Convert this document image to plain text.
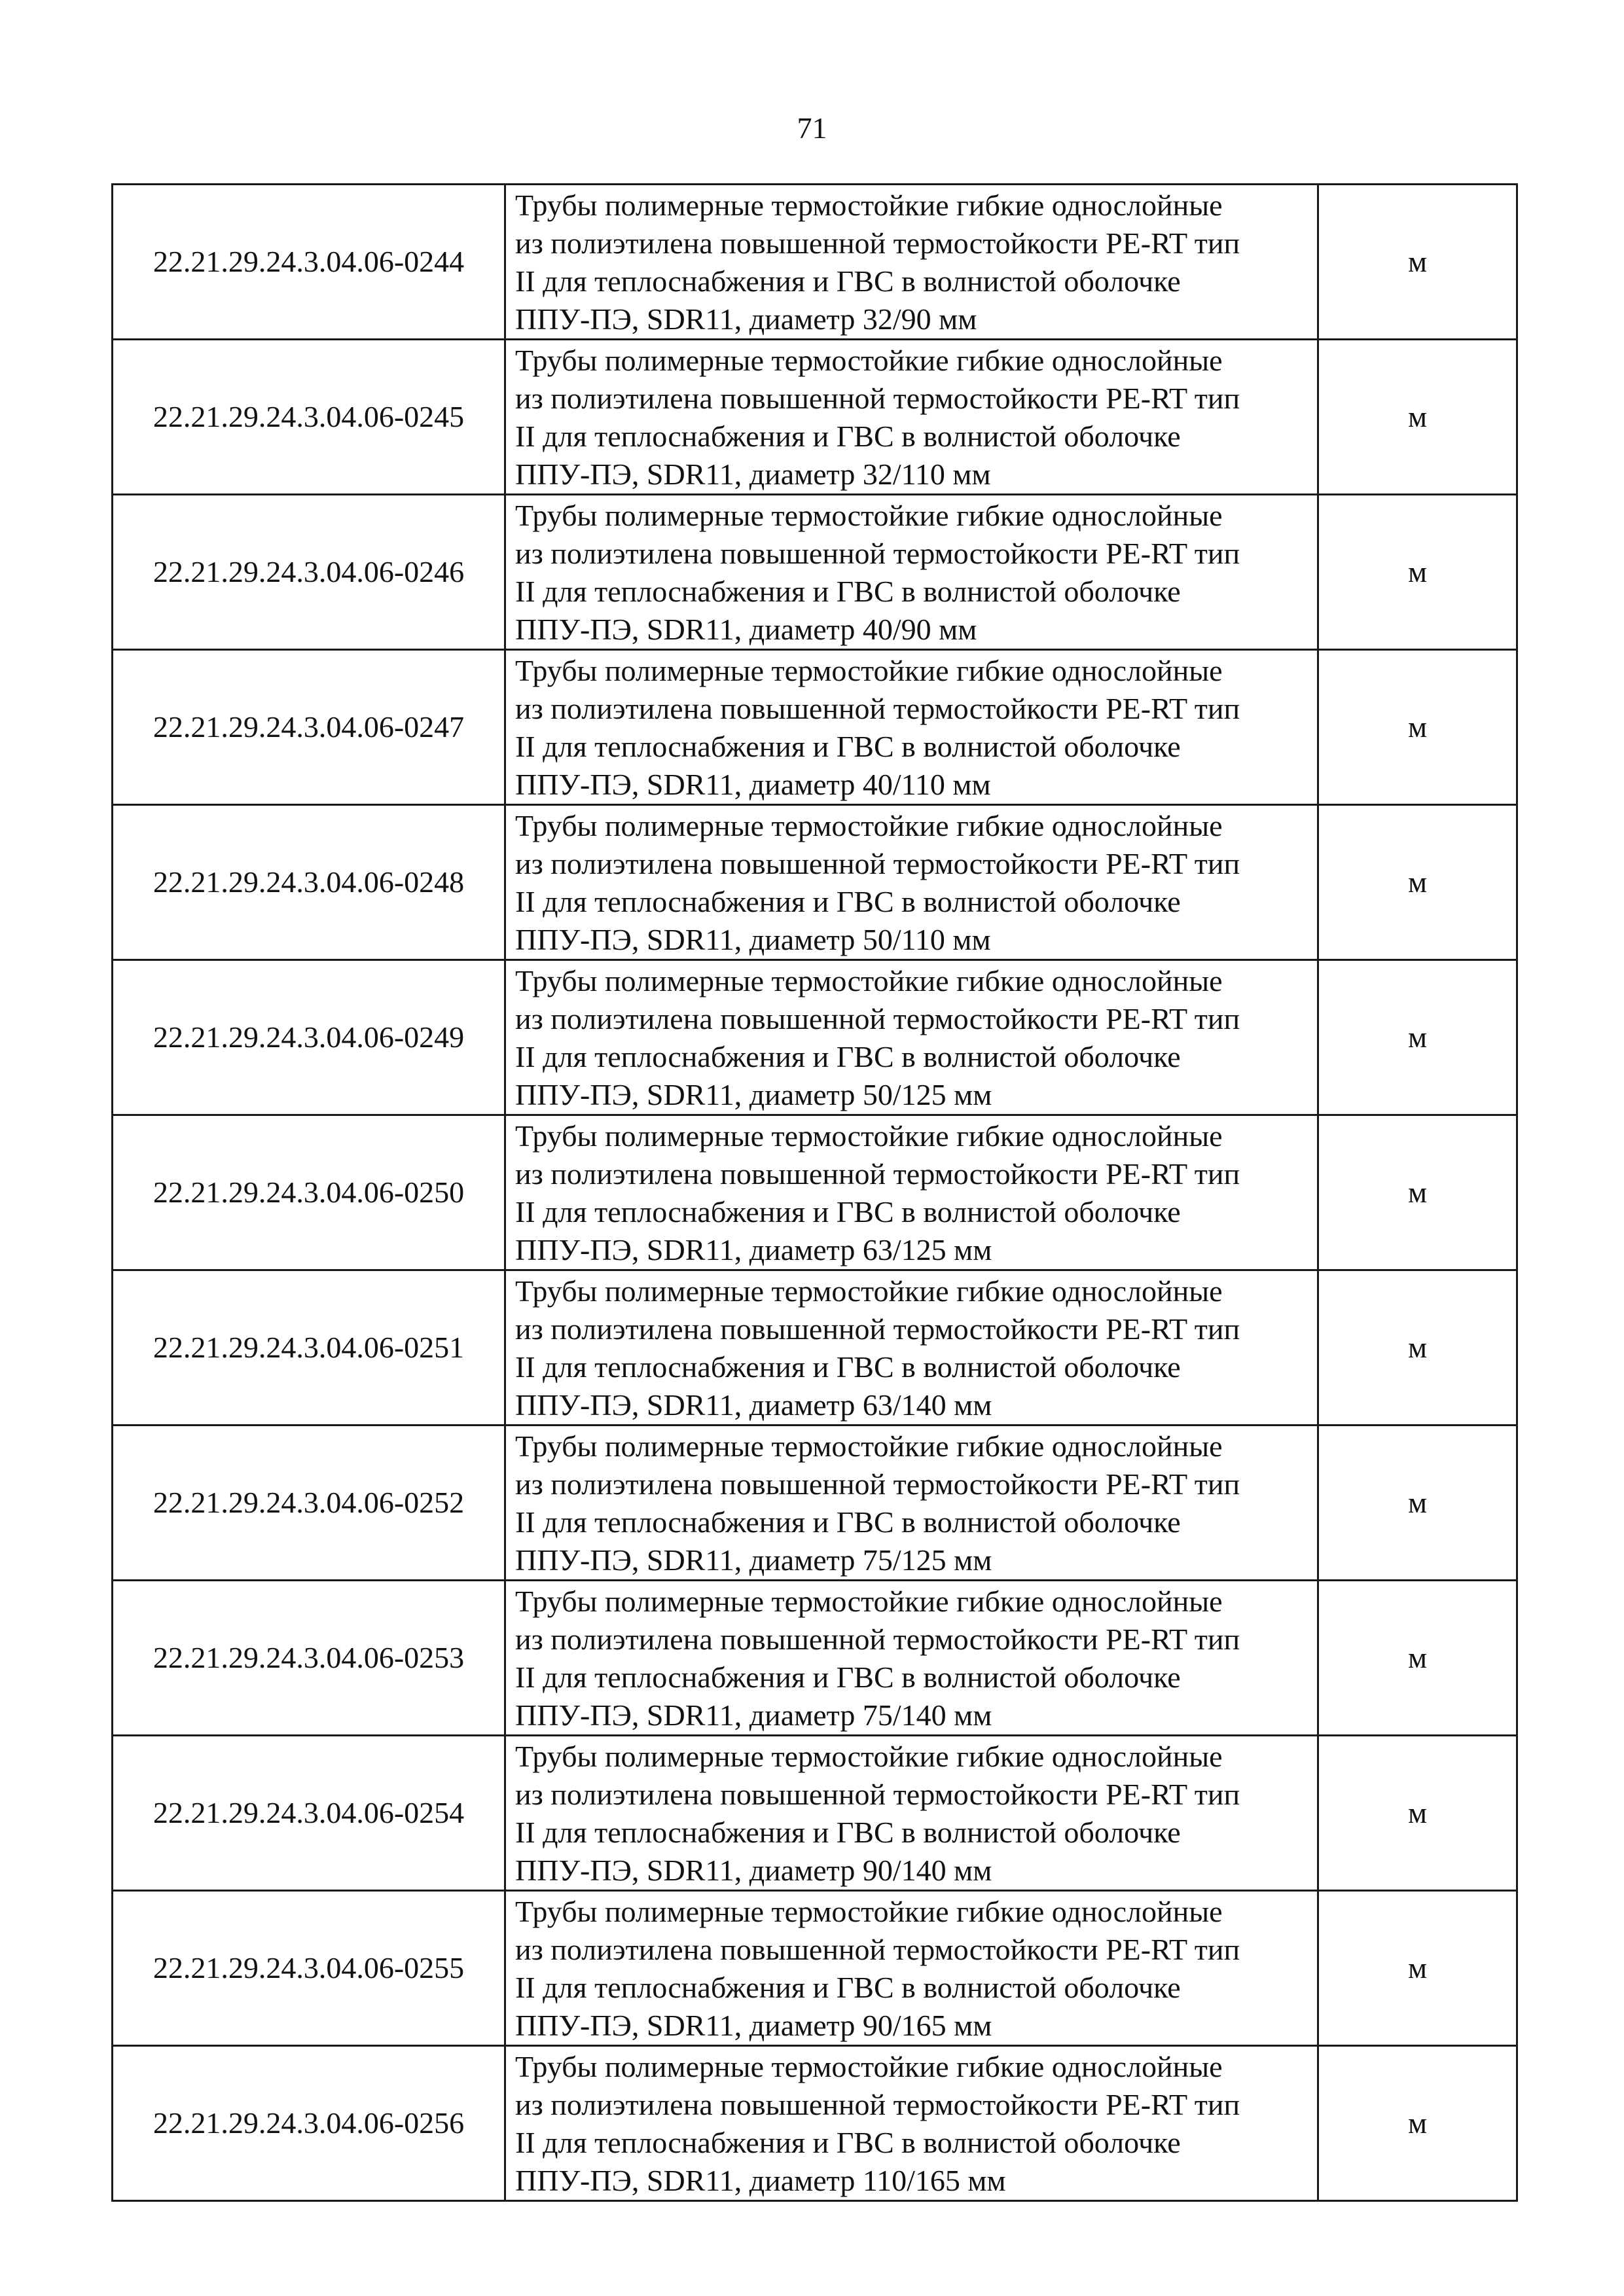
71
22.21.29.24.3.04.06-0244	Трубы полимерные термостойкие гибкие однослойные
из полиэтилена повышенной термостойкости PE-RT тип
II для теплоснабжения и ГВС в волнистой оболочке
ППУ-ПЭ, SDR11, диаметр 32/90 мм	м
22.21.29.24.3.04.06-0245	Трубы полимерные термостойкие гибкие однослойные
из полиэтилена повышенной термостойкости PE-RT тип
II для теплоснабжения и ГВС в волнистой оболочке
ППУ-ПЭ, SDR11, диаметр 32/110 мм	м
22.21.29.24.3.04.06-0246	Трубы полимерные термостойкие гибкие однослойные
из полиэтилена повышенной термостойкости PE-RT тип
II для теплоснабжения и ГВС в волнистой оболочке
ППУ-ПЭ, SDR11, диаметр 40/90 мм	м
22.21.29.24.3.04.06-0247	Трубы полимерные термостойкие гибкие однослойные
из полиэтилена повышенной термостойкости PE-RT тип
II для теплоснабжения и ГВС в волнистой оболочке
ППУ-ПЭ, SDR11, диаметр 40/110 мм	м
22.21.29.24.3.04.06-0248	Трубы полимерные термостойкие гибкие однослойные
из полиэтилена повышенной термостойкости PE-RT тип
II для теплоснабжения и ГВС в волнистой оболочке
ППУ-ПЭ, SDR11, диаметр 50/110 мм	м
22.21.29.24.3.04.06-0249	Трубы полимерные термостойкие гибкие однослойные
из полиэтилена повышенной термостойкости PE-RT тип
II для теплоснабжения и ГВС в волнистой оболочке
ППУ-ПЭ, SDR11, диаметр 50/125 мм	м
22.21.29.24.3.04.06-0250	Трубы полимерные термостойкие гибкие однослойные
из полиэтилена повышенной термостойкости PE-RT тип
II для теплоснабжения и ГВС в волнистой оболочке
ППУ-ПЭ, SDR11, диаметр 63/125 мм	м
22.21.29.24.3.04.06-0251	Трубы полимерные термостойкие гибкие однослойные
из полиэтилена повышенной термостойкости PE-RT тип
II для теплоснабжения и ГВС в волнистой оболочке
ППУ-ПЭ, SDR11, диаметр 63/140 мм	м
22.21.29.24.3.04.06-0252	Трубы полимерные термостойкие гибкие однослойные
из полиэтилена повышенной термостойкости PE-RT тип
II для теплоснабжения и ГВС в волнистой оболочке
ППУ-ПЭ, SDR11, диаметр 75/125 мм	м
22.21.29.24.3.04.06-0253	Трубы полимерные термостойкие гибкие однослойные
из полиэтилена повышенной термостойкости PE-RT тип
II для теплоснабжения и ГВС в волнистой оболочке
ППУ-ПЭ, SDR11, диаметр 75/140 мм	м
22.21.29.24.3.04.06-0254	Трубы полимерные термостойкие гибкие однослойные
из полиэтилена повышенной термостойкости PE-RT тип
II для теплоснабжения и ГВС в волнистой оболочке
ППУ-ПЭ, SDR11, диаметр 90/140 мм	м
22.21.29.24.3.04.06-0255	Трубы полимерные термостойкие гибкие однослойные
из полиэтилена повышенной термостойкости PE-RT тип
II для теплоснабжения и ГВС в волнистой оболочке
ППУ-ПЭ, SDR11, диаметр 90/165 мм	м
22.21.29.24.3.04.06-0256	Трубы полимерные термостойкие гибкие однослойные
из полиэтилена повышенной термостойкости PE-RT тип
II для теплоснабжения и ГВС в волнистой оболочке
ППУ-ПЭ, SDR11, диаметр 110/165 мм	м
